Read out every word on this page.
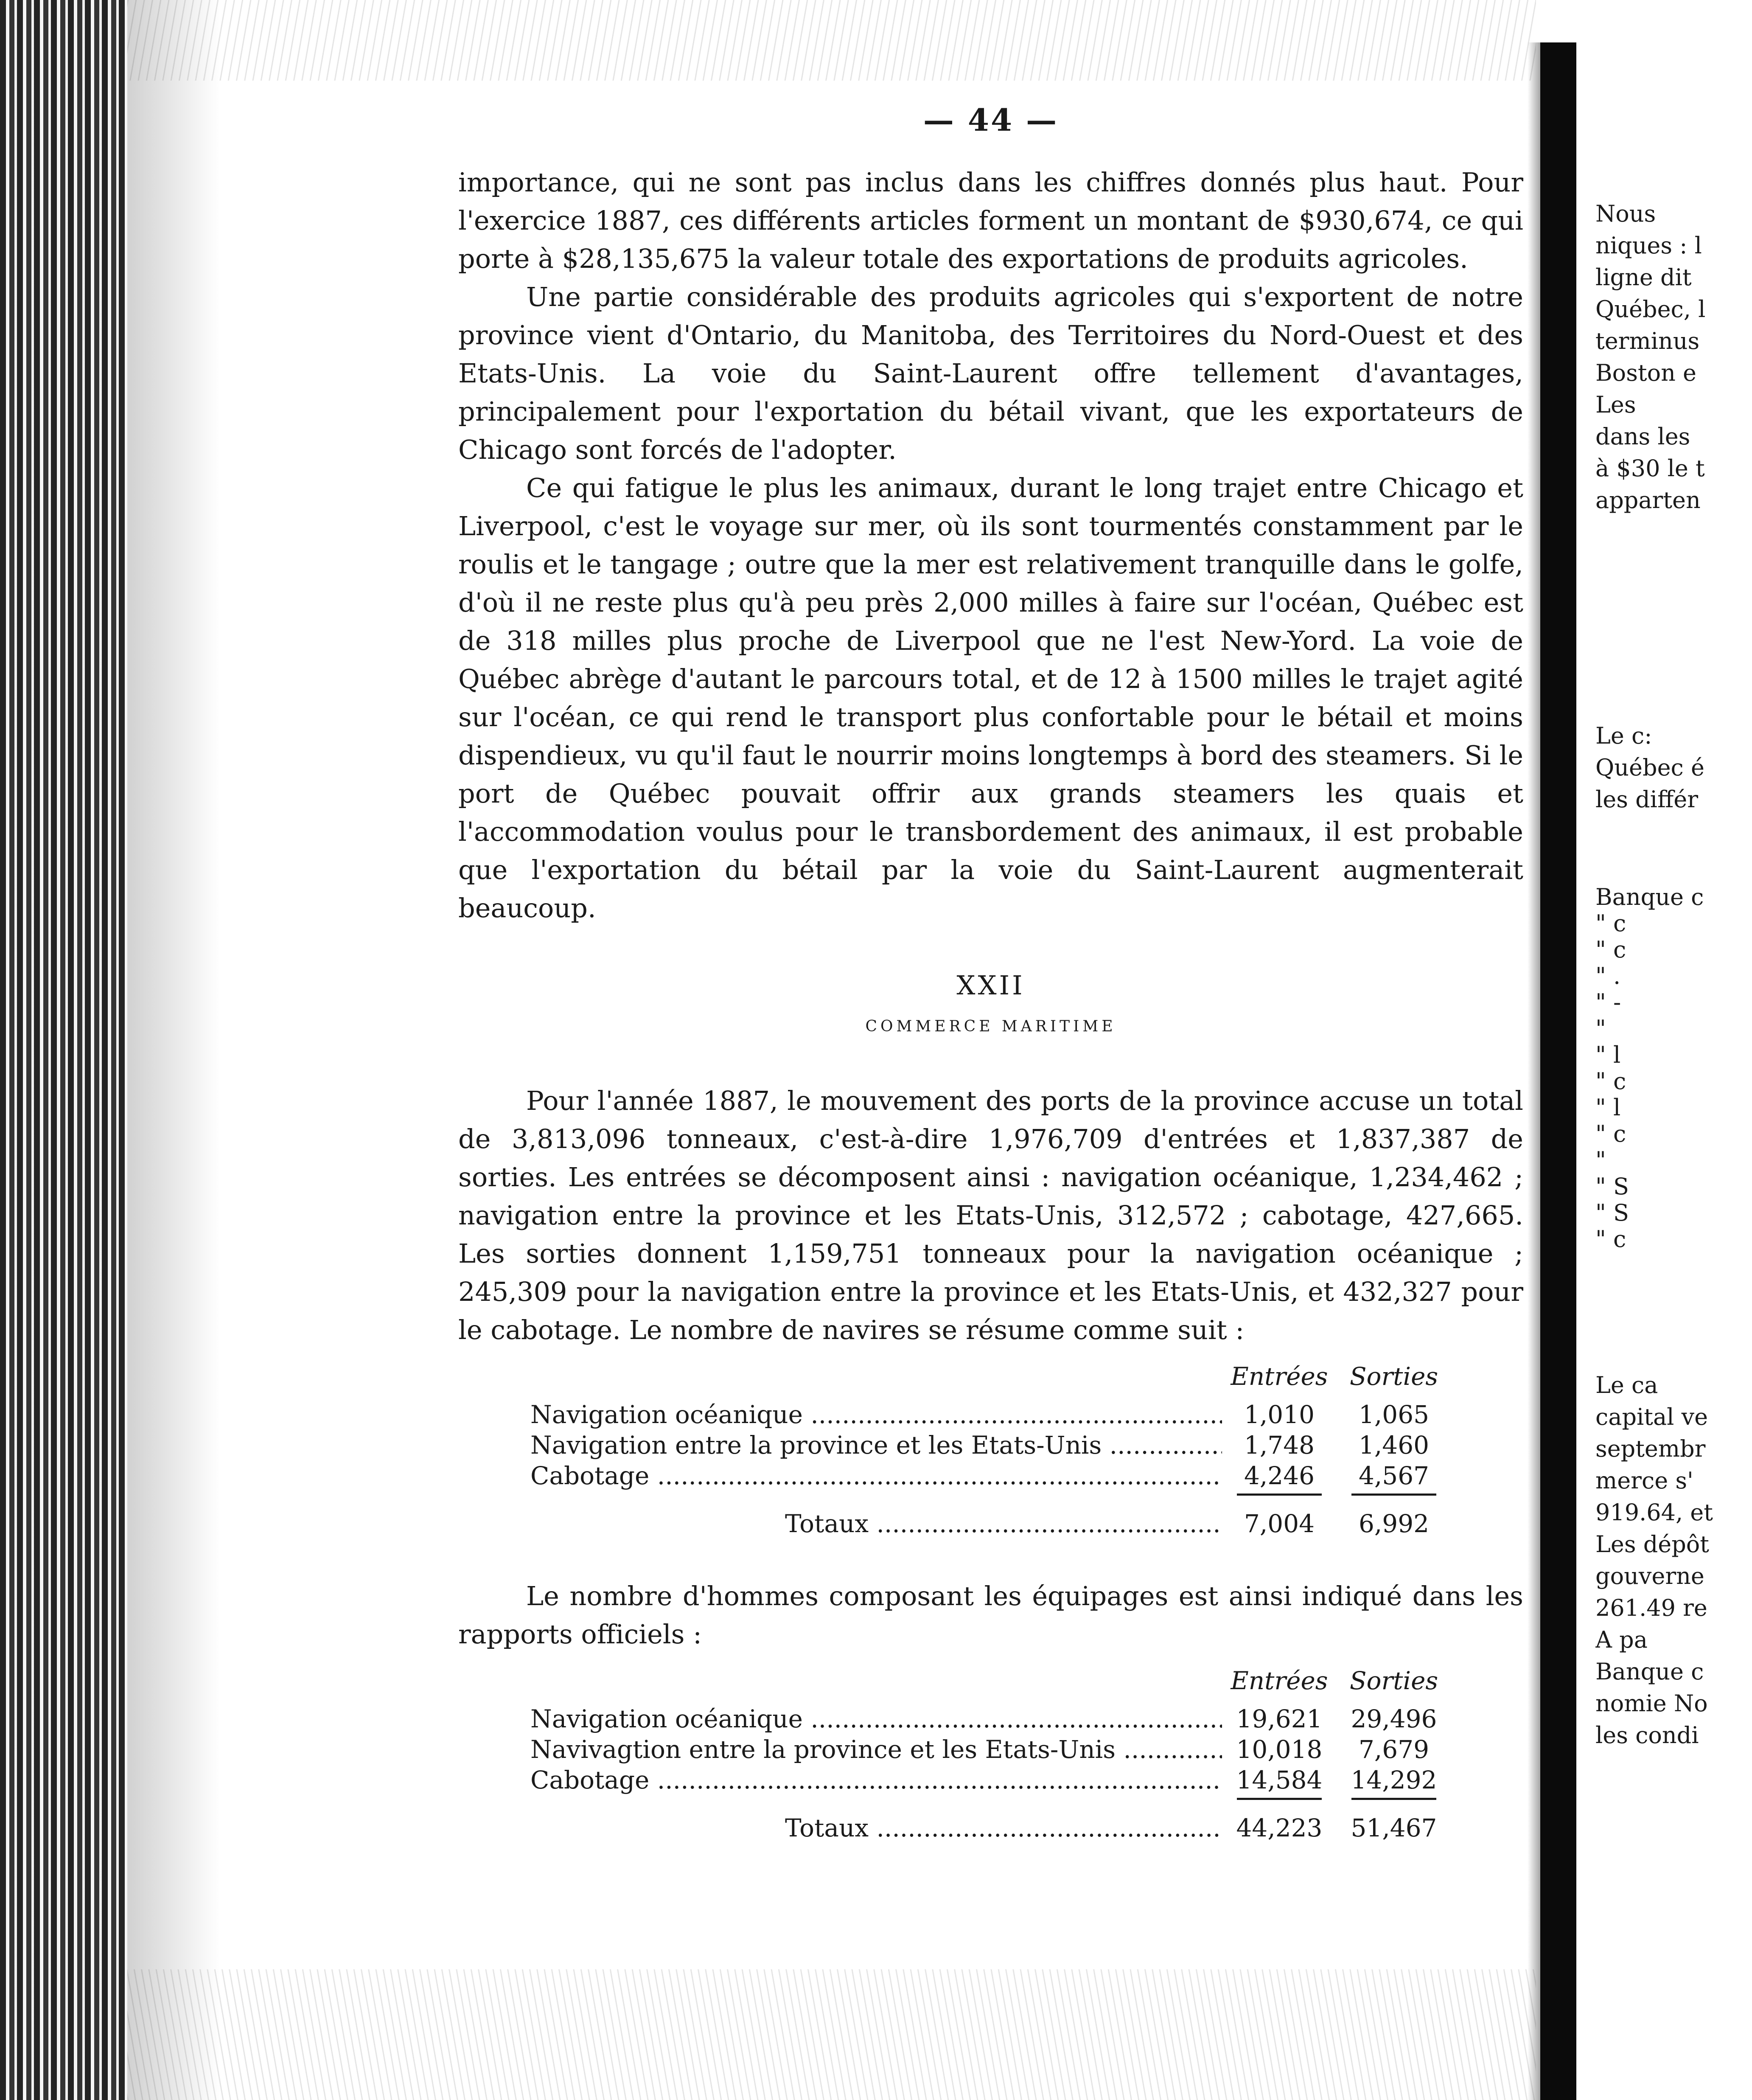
— 44 —

importance, qui ne sont pas inclus dans les chiffres donnés plus haut. Pour l'exercice 1887, ces différents articles forment un montant de $930,674, ce qui porte à $28,135,675 la valeur totale des exportations de produits agricoles.

Une partie considérable des produits agricoles qui s'exportent de notre province vient d'Ontario, du Manitoba, des Territoires du Nord-Ouest et des Etats-Unis. La voie du Saint-Laurent offre tellement d'avantages, principalement pour l'exportation du bétail vivant, que les exportateurs de Chicago sont forcés de l'adopter.

Ce qui fatigue le plus les animaux, durant le long trajet entre Chicago et Liverpool, c'est le voyage sur mer, où ils sont tourmentés constamment par le roulis et le tangage ; outre que la mer est relativement tranquille dans le golfe, d'où il ne reste plus qu'à peu près 2,000 milles à faire sur l'océan, Québec est de 318 milles plus proche de Liverpool que ne l'est New-Yord. La voie de Québec abrège d'autant le parcours total, et de 12 à 1500 milles le trajet agité sur l'océan, ce qui rend le transport plus confortable pour le bétail et moins dispendieux, vu qu'il faut le nourrir moins longtemps à bord des steamers. Si le port de Québec pouvait offrir aux grands steamers les quais et l'accommodation voulus pour le transbordement des animaux, il est probable que l'exportation du bétail par la voie du Saint-Laurent augmenterait beaucoup.

XXII
COMMERCE MARITIME

Pour l'année 1887, le mouvement des ports de la province accuse un total de 3,813,096 tonneaux, c'est-à-dire 1,976,709 d'entrées et 1,837,387 de sorties. Les entrées se décomposent ainsi : navigation océanique, 1,234,462 ; navigation entre la province et les Etats-Unis, 312,572 ; cabotage, 427,665. Les sorties donnent 1,159,751 tonneaux pour la navigation océanique ; 245,309 pour la navigation entre la province et les Etats-Unis, et 432,327 pour le cabotage. Le nombre de navires se résume comme suit :

Entrées Sorties
Navigation océanique .....	1,010	1,065
Navigation entre la province et les Etats-Unis .....	1,748	1,460
Cabotage .....	4,246	4,567
Totaux .....	7,004	6,992

Le nombre d'hommes composant les équipages est ainsi indiqué dans les rapports officiels :

Entrées Sorties
Navigation océanique .....	19,621	29,496
Navivagtion entre la province et les Etats-Unis .....	10,018	7,679
Cabotage .....	14,584	14,292
Totaux .....	44,223	51,467
Nous
niques : l
ligne dit
Québec, l
terminus
Boston e
Les
dans les
à $30 le t
apparten
Le c:
Québec é
les différ
Banque c
" c
" c
" .
" -
"
" l
" c
" l
" c
"
" S
" S
" c
Le ca
capital ve
septembr
merce s'
919.64, et
Les dépôt
gouverne
261.49 re
A pa
Banque c
nomie No
les condi
